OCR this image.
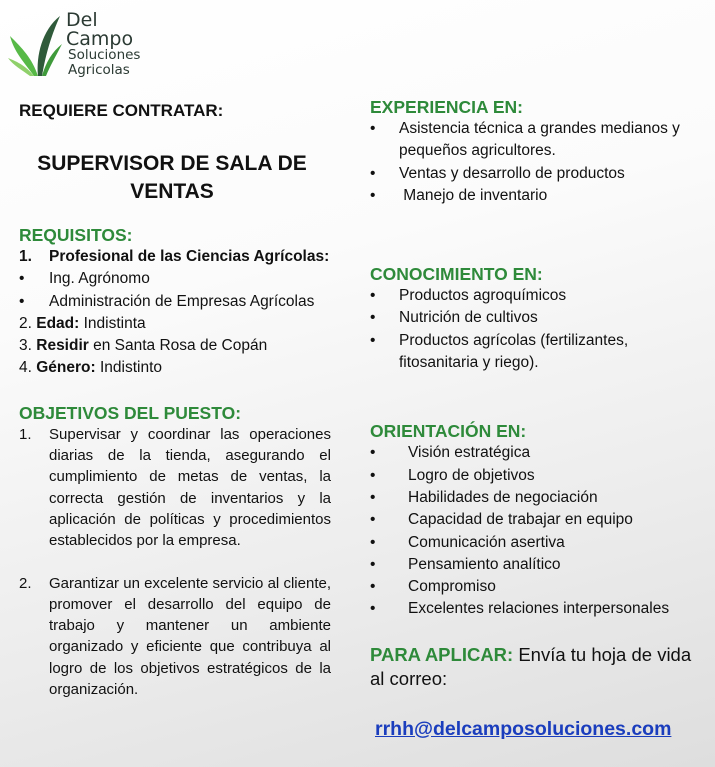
Del
Campo
Soluciones
Agricolas
REQUIERE CONTRATAR:
SUPERVISOR DE SALA DE
VENTAS
REQUISITOS:
1. Profesional de las Ciencias Agrícolas:
• Ing. Agrónomo
• Administración de Empresas Agrícolas
2. Edad: Indistinta
3. Residir en Santa Rosa de Copán
4. Género: Indistinto
OBJETIVOS DEL PUESTO:
1. Supervisar y coordinar las operaciones diarias de la tienda, asegurando el cumplimiento de metas de ventas, la correcta gestión de inventarios y la aplicación de políticas y procedimientos establecidos por la empresa.
2. Garantizar un excelente servicio al cliente, promover el desarrollo del equipo de trabajo y mantener un ambiente organizado y eficiente que contribuya al logro de los objetivos estratégicos de la organización.
EXPERIENCIA EN:
• Asistencia técnica a grandes medianos y pequeños agricultores.
• Ventas y desarrollo de productos
• Manejo de inventario
CONOCIMIENTO EN:
• Productos agroquímicos
• Nutrición de cultivos
• Productos agrícolas (fertilizantes, fitosanitaria y riego).
ORIENTACIÓN EN:
• Visión estratégica
• Logro de objetivos
• Habilidades de negociación
• Capacidad de trabajar en equipo
• Comunicación asertiva
• Pensamiento analítico
• Compromiso
• Excelentes relaciones interpersonales
PARA APLICAR: Envía tu hoja de vida al correo:
rrhh@delcamposoluciones.com
